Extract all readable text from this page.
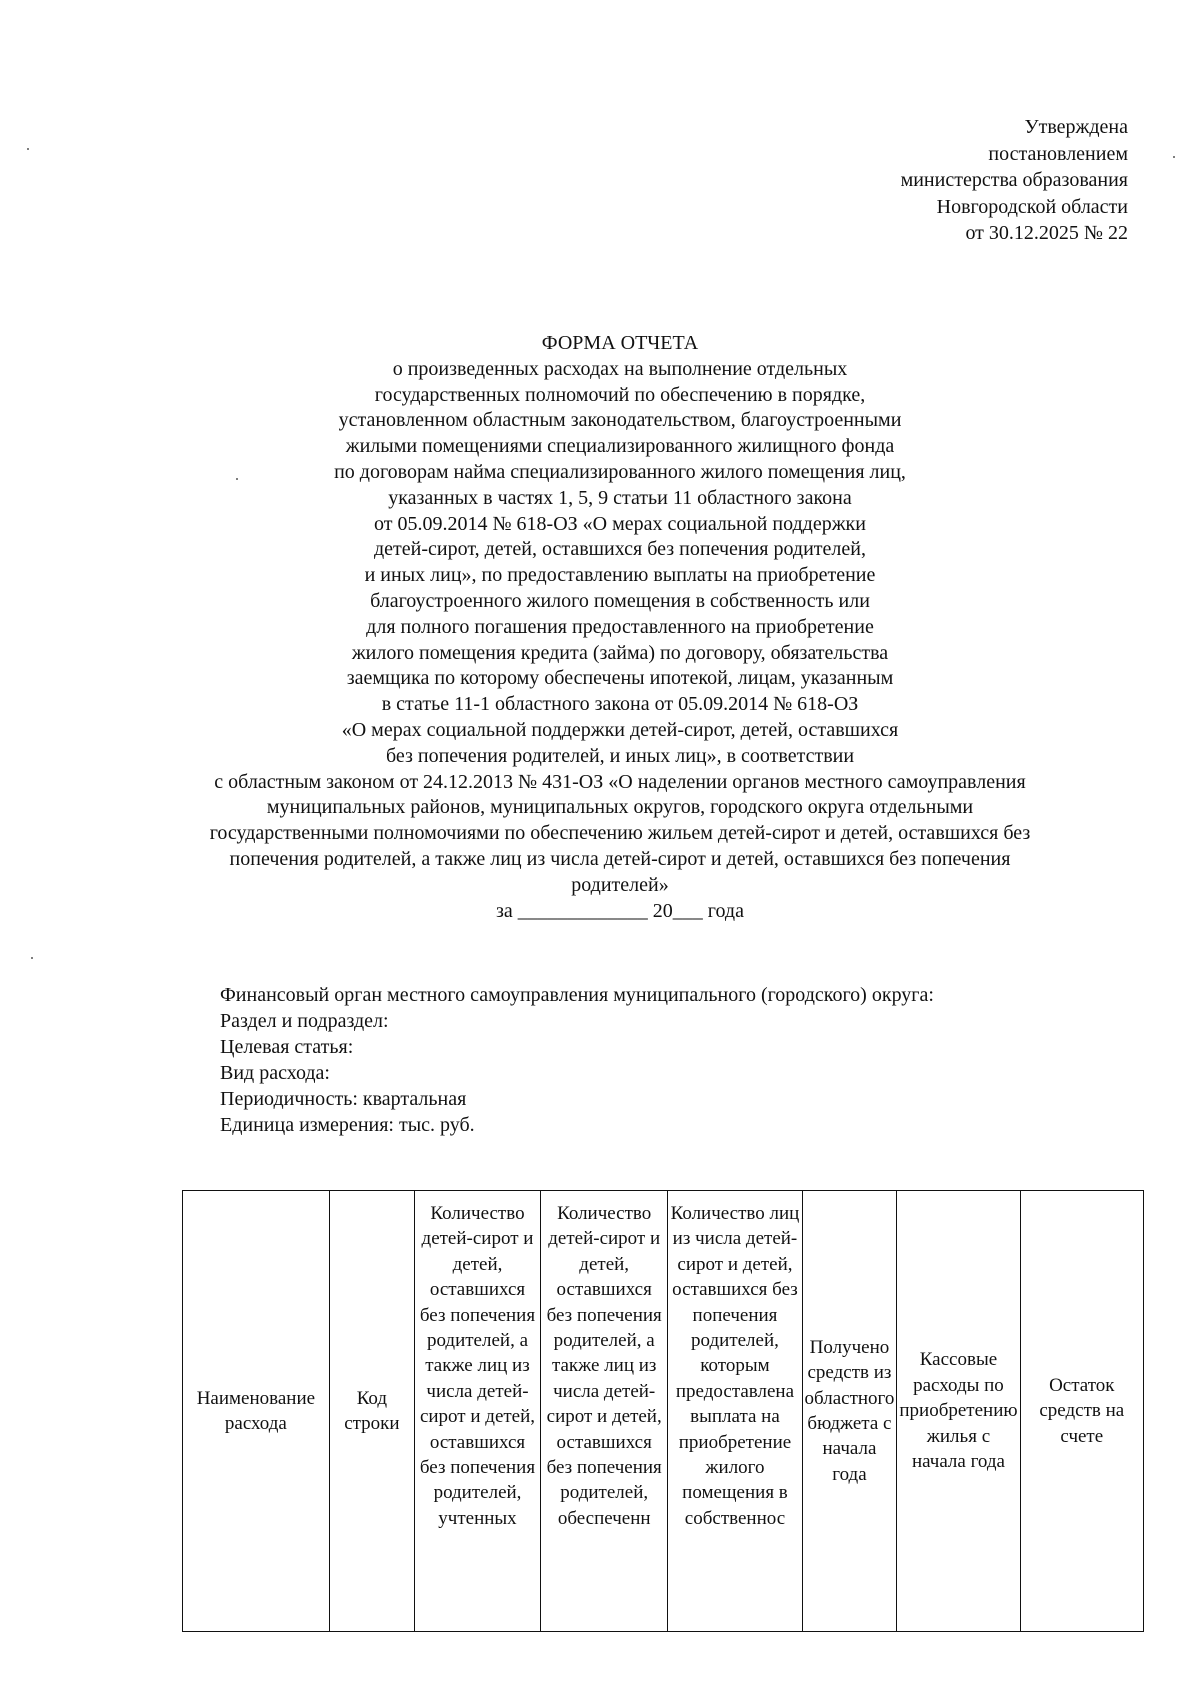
Утверждена
постановлением
министерства образования
Новгородской области
от 30.12.2025 № 22
ФОРМА ОТЧЕТА
о произведенных расходах на выполнение отдельных
государственных полномочий по обеспечению в порядке,
установленном областным законодательством, благоустроенными
жилыми помещениями специализированного жилищного фонда
по договорам найма специализированного жилого помещения лиц,
указанных в частях 1, 5, 9 статьи 11 областного закона
от 05.09.2014 № 618-ОЗ «О мерах социальной поддержки
детей-сирот, детей, оставшихся без попечения родителей,
и иных лиц», по предоставлению выплаты на приобретение
благоустроенного жилого помещения в собственность или
для полного погашения предоставленного на приобретение
жилого помещения кредита (займа) по договору, обязательства
заемщика по которому обеспечены ипотекой, лицам, указанным
в статье 11-1 областного закона от 05.09.2014 № 618-ОЗ
«О мерах социальной поддержки детей-сирот, детей, оставшихся
без попечения родителей, и иных лиц», в соответствии
с областным законом от 24.12.2013 № 431-ОЗ «О наделении органов местного самоуправления
муниципальных районов, муниципальных округов, городского округа отдельными
государственными полномочиями по обеспечению жильем детей-сирот и детей, оставшихся без
попечения родителей, а также лиц из числа детей-сирот и детей, оставшихся без попечения
родителей»
за _____________ 20___ года
Финансовый орган местного самоуправления муниципального (городского) округа:
Раздел и подраздел:
Целевая статья:
Вид расхода:
Периодичность: квартальная
Единица измерения: тыс. руб.
Наименование расхода	Код строки	Количество детей-сирот и детей, оставшихся без попечения родителей, а также лиц из числа детей-сирот и детей, оставшихся без попечения родителей, учтенных	Количество детей-сирот и детей, оставшихся без попечения родителей, а также лиц из числа детей-сирот и детей, оставшихся без попечения родителей, обеспеченн	Количество лиц из числа детей-сирот и детей, оставшихся без попечения родителей, которым предоставлена выплата на приобретение жилого помещения в собственнос	Получено средств из областного бюджета с начала года	Кассовые расходы по приобретению жилья с начала года	Остаток средств на счете
